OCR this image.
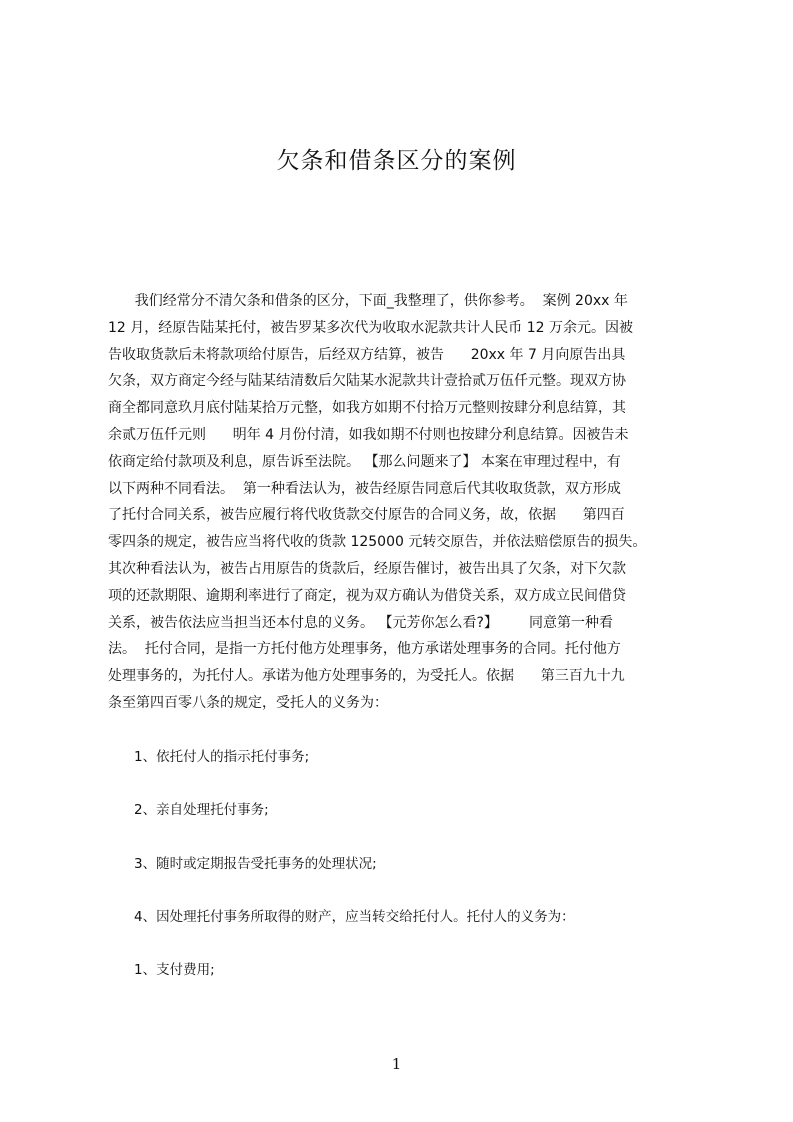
欠条和借条区分的案例
我们经常分不清欠条和借条的区分，下面_我整理了，供你参考。  案例 20xx 年
12 月，经原告陆某托付，被告罗某多次代为收取水泥款共计人民币 12 万余元。因被
告收取货款后未将款项给付原告，后经双方结算，被告      20xx 年 7 月向原告出具
欠条，双方商定今经与陆某结清数后欠陆某水泥款共计壹拾贰万伍仟元整。现双方协
商全都同意玖月底付陆某拾万元整，如我方如期不付拾万元整则按肆分利息结算，其
余贰万伍仟元则      明年 4 月份付清，如我如期不付则也按肆分利息结算。因被告未
依商定给付款项及利息，原告诉至法院。 【那么问题来了】 本案在审理过程中，有
以下两种不同看法。  第一种看法认为，被告经原告同意后代其收取货款，双方形成
了托付合同关系，被告应履行将代收货款交付原告的合同义务，故，依据      第四百
零四条的规定，被告应当将代收的货款 125000 元转交原告，并依法赔偿原告的损失。
其次种看法认为，被告占用原告的货款后，经原告催讨，被告出具了欠条，对下欠款
项的还款期限、逾期利率进行了商定，视为双方确认为借贷关系，双方成立民间借贷
关系，被告依法应当担当还本付息的义务。 【元芳你怎么看?】       同意第一种看
法。  托付合同，是指一方托付他方处理事务，他方承诺处理事务的合同。托付他方
处理事务的，为托付人。承诺为他方处理事务的，为受托人。依据      第三百九十九
条至第四百零八条的规定，受托人的义务为：
1、依托付人的指示托付事务;
2、亲自处理托付事务;
3、随时或定期报告受托事务的处理状况;
4、因处理托付事务所取得的财产，应当转交给托付人。托付人的义务为：
1、支付费用;
1
